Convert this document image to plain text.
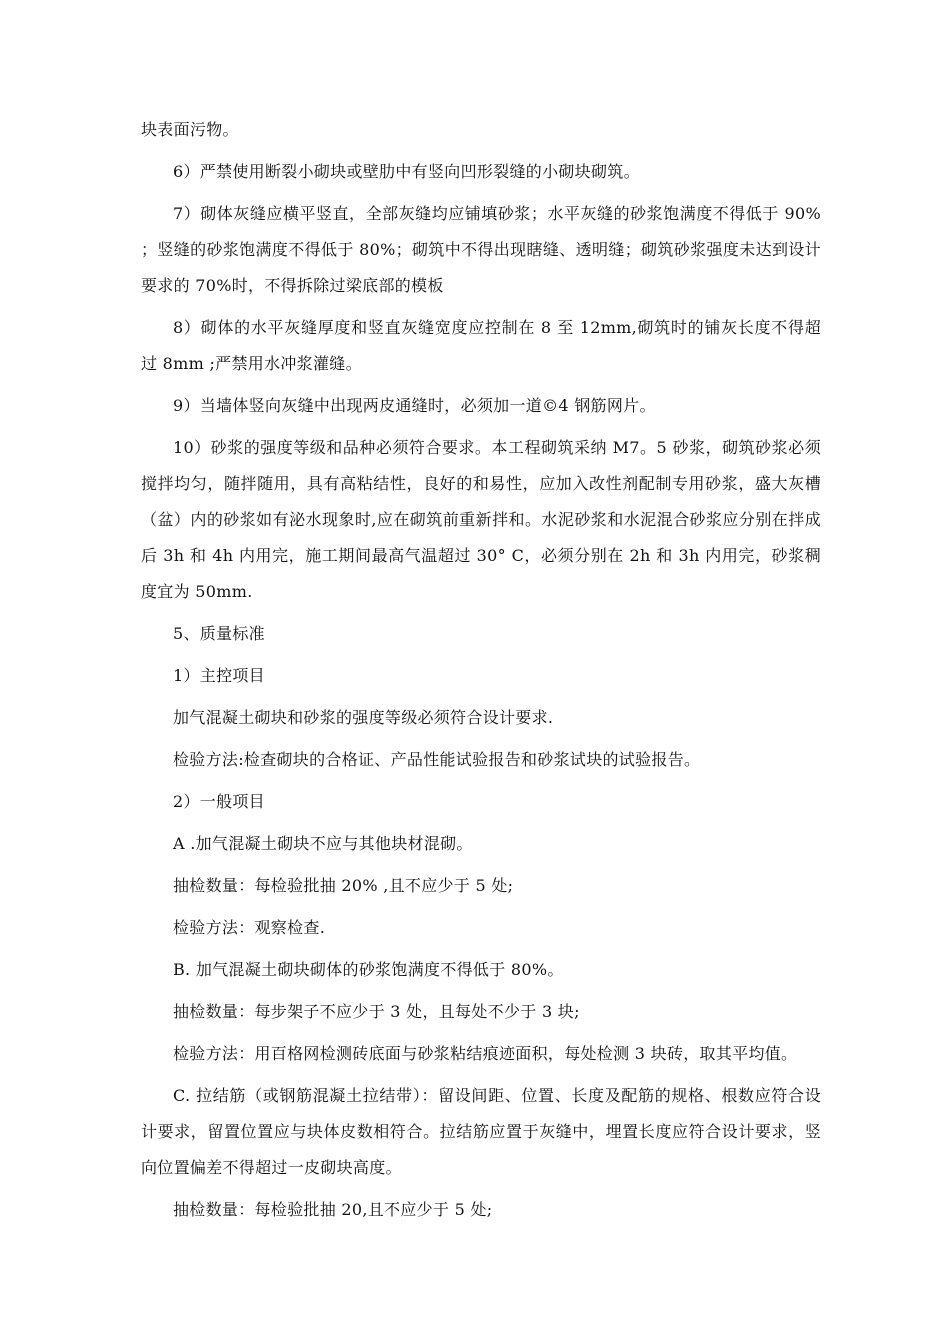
块表面污物。

6）严禁使用断裂小砌块或壁肋中有竖向凹形裂缝的小砌块砌筑。

7）砌体灰缝应横平竖直，全部灰缝均应铺填砂浆；水平灰缝的砂浆饱满度不得低于 90% ；竖缝的砂浆饱满度不得低于 80%；砌筑中不得出现瞎缝、透明缝；砌筑砂浆强度未达到设计要求的 70%时，不得拆除过梁底部的模板

8）砌体的水平灰缝厚度和竖直灰缝宽度应控制在 8 至 12mm,砌筑时的铺灰长度不得超过 8mm ;严禁用水冲浆灌缝。

9）当墙体竖向灰缝中出现两皮通缝时，必须加一道©4 钢筋网片。

10）砂浆的强度等级和品种必须符合要求。本工程砌筑采纳 M7。5 砂浆，砌筑砂浆必须搅拌均匀，随拌随用，具有高粘结性，良好的和易性，应加入改性剂配制专用砂浆，盛大灰槽（盆）内的砂浆如有泌水现象时,应在砌筑前重新拌和。水泥砂浆和水泥混合砂浆应分别在拌成后 3h 和 4h 内用完，施工期间最高气温超过 30° C，必须分别在 2h 和 3h 内用完，砂浆稠度宜为 50mm.

5、质量标准

1）主控项目

加气混凝土砌块和砂浆的强度等级必须符合设计要求.

检验方法:检查砌块的合格证、产品性能试验报告和砂浆试块的试验报告。

2）一般项目

A .加气混凝土砌块不应与其他块材混砌。

抽检数量：每检验批抽 20% ,且不应少于 5 处;

检验方法：观察检查.

B. 加气混凝土砌块砌体的砂浆饱满度不得低于 80%。

抽检数量：每步架子不应少于 3 处，且每处不少于 3 块;

检验方法：用百格网检测砖底面与砂浆粘结痕迹面积，每处检测 3 块砖，取其平均值。

C. 拉结筋（或钢筋混凝土拉结带）：留设间距、位置、长度及配筋的规格、根数应符合设计要求，留置位置应与块体皮数相符合。拉结筋应置于灰缝中，埋置长度应符合设计要求，竖向位置偏差不得超过一皮砌块高度。

抽检数量：每检验批抽 20,且不应少于 5 处;
